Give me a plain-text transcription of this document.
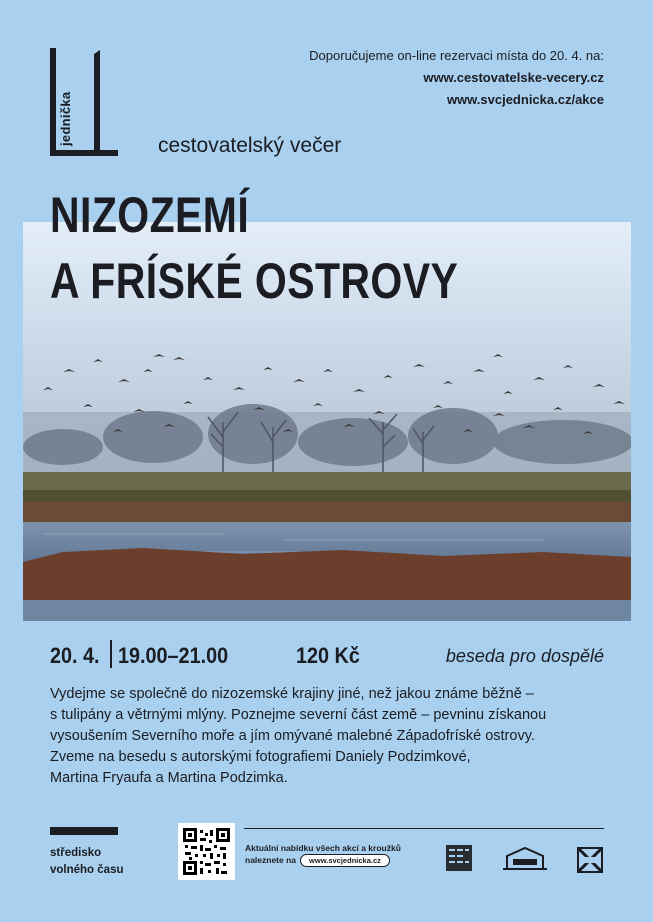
jednička
Doporučujeme on-line rezervaci místa do 20. 4. na:
www.cestovatelske-vecery.cz
www.svcjednicka.cz/akce
cestovatelský večer
NIZOZEMÍ
A FRÍSKÉ OSTROVY
20. 4. 19.00–21.00	120 Kč	beseda pro dospělé

Vydejme se společně do nizozemské krajiny jiné, než jakou známe běžně –

s tulipány a větrnými mlýny. Poznejme severní část země – pevninu získanou

vysoušením Severního moře a jím omývané malebné Západofríské ostrovy.

Zveme na besedu s autorskými fotografiemi Daniely Podzimkové,

Martina Fryaufa a Martina Podzimka.

středisko
volného času
Aktuální nabídku všech akcí a kroužků
naleznete na www.svcjednicka.cz
